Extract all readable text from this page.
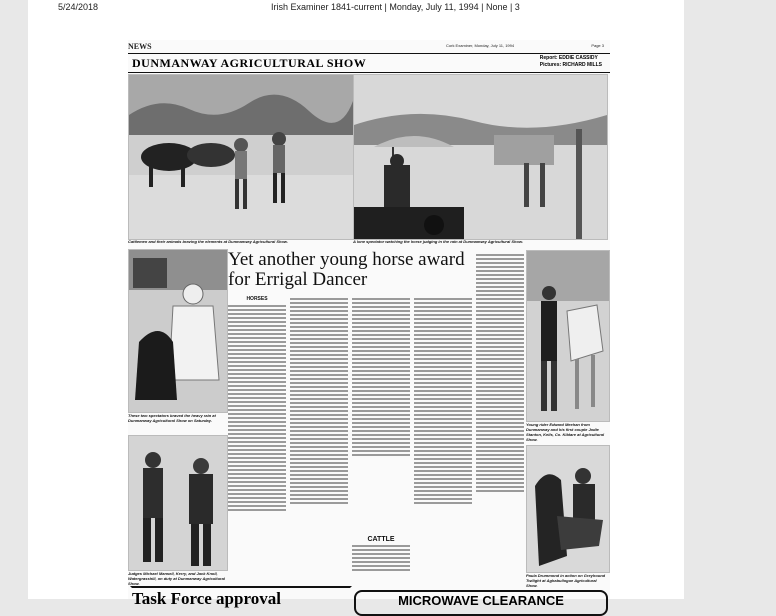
5/24/2018	Irish Examiner 1841-current | Monday, July 11, 1994 | None | 3
NEWS	Cork Examiner, Monday, July 11, 1994	Page 3
DUNMANWAY AGRICULTURAL SHOW	Report: EDDIE CASSIDY
Pictures: RICHARD MILLS
Cattlemen and their animals braving the elements at Dunmanway Agricultural Show.	A lone spectator watching the horse judging in the rain at Dunmanway Agricultural Show.
Yet another young horse award for Errigal Dancer
These two spectators braved the heavy rain at Dunmanway Agricultural Show on Saturday.
Judges Michael Mansell, Kerry, and Jack Knoll, Watergrasshill, on duty at Dunmanway Agricultural Show.
HORSES
CATTLE
Young rider Edward Meehan from Dunmanway and his first couple Jodie Stanton, Kells, Co. Kildare at Agricultural Show.
Paula Drummond in action on Greyhound Twilight at Aghabullogue Agricultural Show.
Task Force approval	MICROWAVE CLEARANCE
